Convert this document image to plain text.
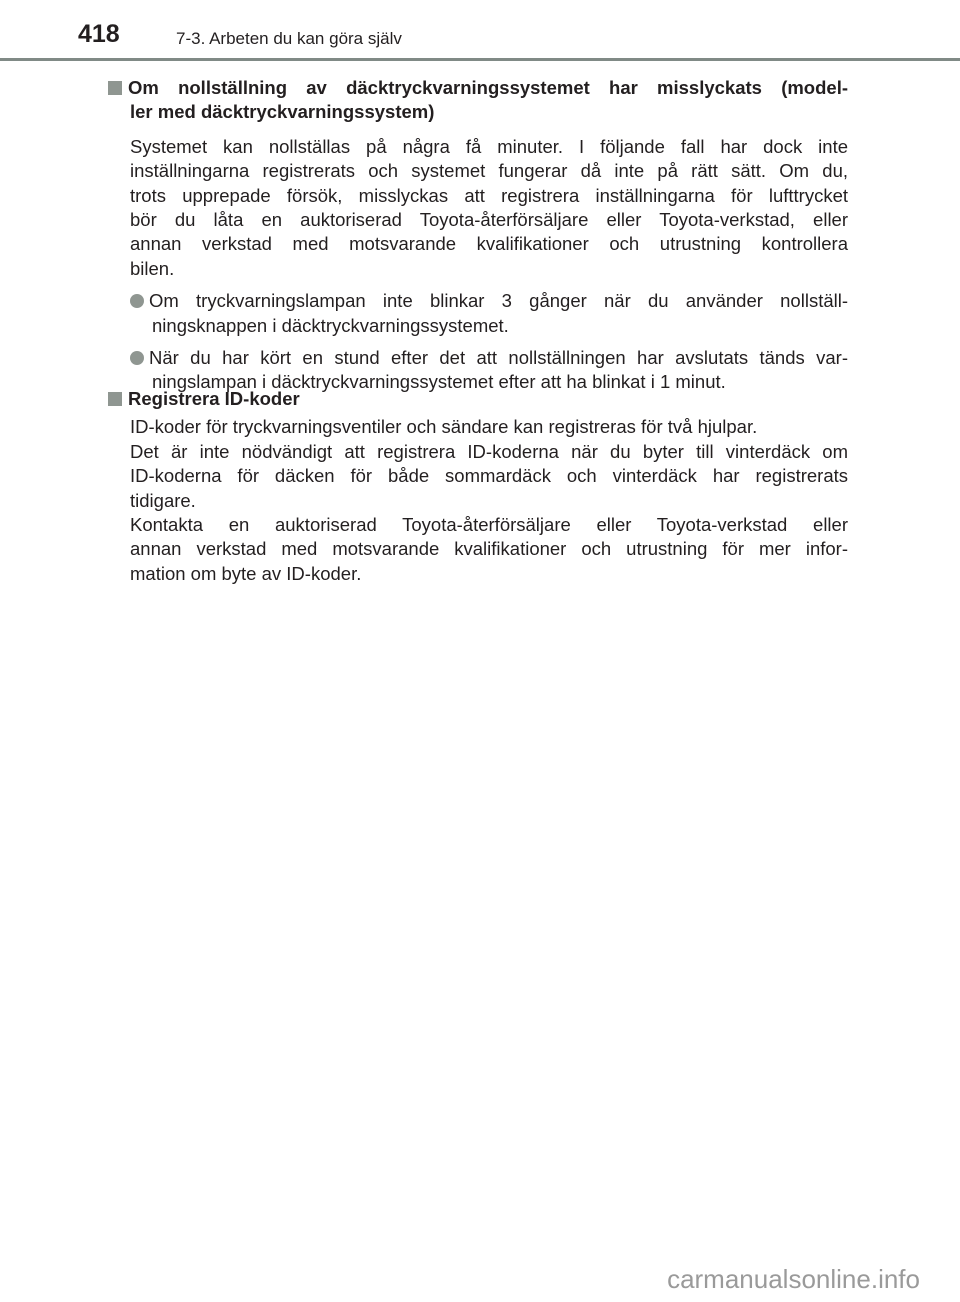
418	7-3. Arbeten du kan göra själv
Om nollställning av däcktryckvarningssystemet har misslyckats (model-
ler med däcktryckvarningssystem)
Systemet kan nollställas på några få minuter. I följande fall har dock inte
inställningarna registrerats och systemet fungerar då inte på rätt sätt. Om du,
trots upprepade försök, misslyckas att registrera inställningarna för lufttrycket
bör du låta en auktoriserad Toyota-återförsäljare eller Toyota-verkstad, eller
annan verkstad med motsvarande kvalifikationer och utrustning kontrollera
bilen.
Om tryckvarningslampan inte blinkar 3 gånger när du använder nollställ-
ningsknappen i däcktryckvarningssystemet.
När du har kört en stund efter det att nollställningen har avslutats tänds var-
ningslampan i däcktryckvarningssystemet efter att ha blinkat i 1 minut.
Registrera ID-koder
ID-koder för tryckvarningsventiler och sändare kan registreras för två hjulpar.
Det är inte nödvändigt att registrera ID-koderna när du byter till vinterdäck om
ID-koderna för däcken för både sommardäck och vinterdäck har registrerats
tidigare.
Kontakta en auktoriserad Toyota-återförsäljare eller Toyota-verkstad eller
annan verkstad med motsvarande kvalifikationer och utrustning för mer infor-
mation om byte av ID-koder.
carmanualsonline.info
